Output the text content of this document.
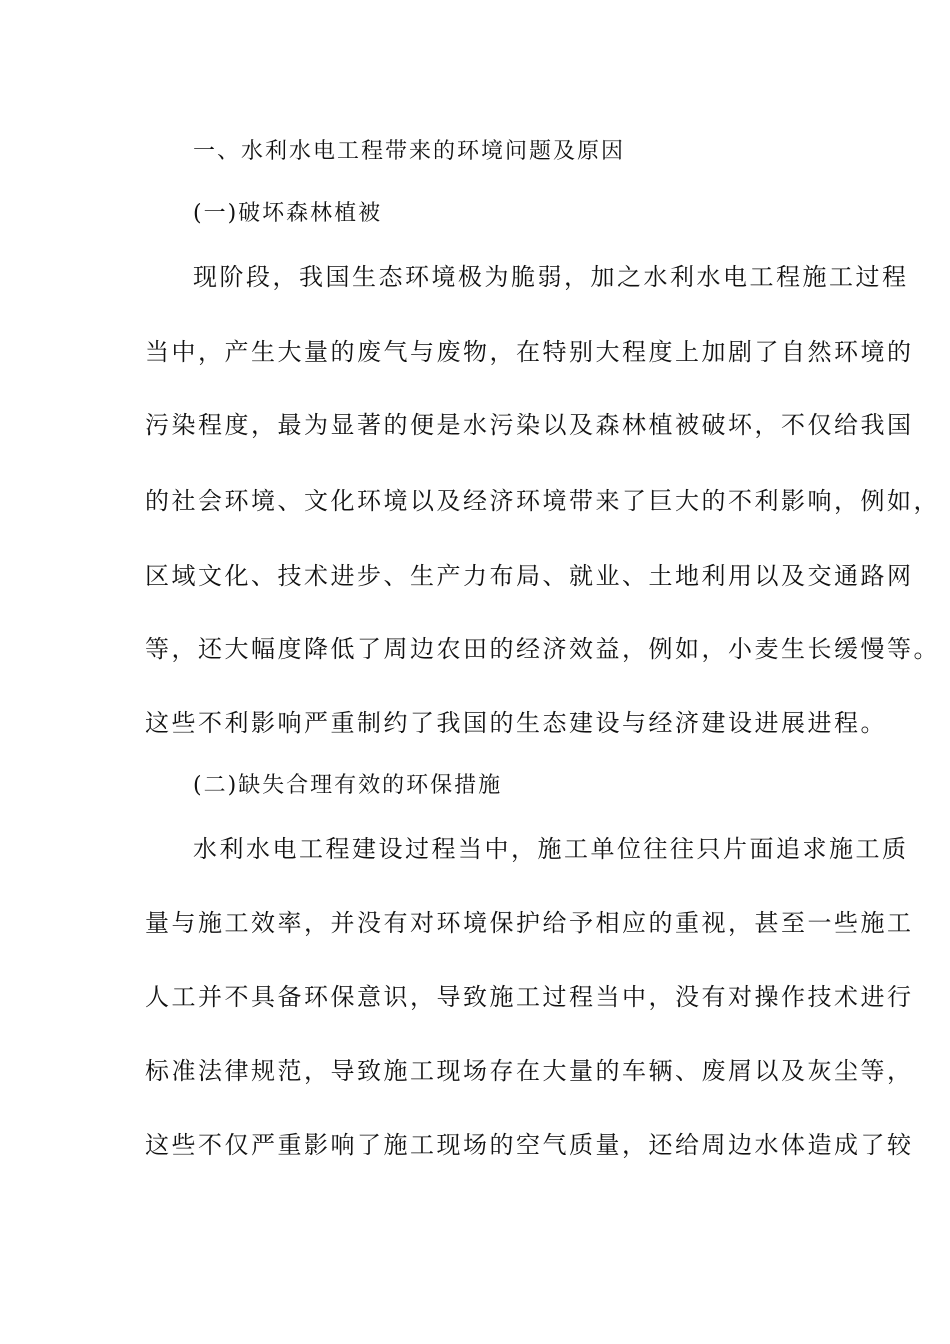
一、水利水电工程带来的环境问题及原因
(一)破坏森林植被
现阶段，我国生态环境极为脆弱，加之水利水电工程施工过程
当中，产生大量的废气与废物，在特别大程度上加剧了自然环境的
污染程度，最为显著的便是水污染以及森林植被破坏，不仅给我国
的社会环境、文化环境以及经济环境带来了巨大的不利影响，例如，
区域文化、技术进步、生产力布局、就业、土地利用以及交通路网
等，还大幅度降低了周边农田的经济效益，例如，小麦生长缓慢等。
这些不利影响严重制约了我国的生态建设与经济建设进展进程。
(二)缺失合理有效的环保措施
水利水电工程建设过程当中，施工单位往往只片面追求施工质
量与施工效率，并没有对环境保护给予相应的重视，甚至一些施工
人工并不具备环保意识，导致施工过程当中，没有对操作技术进行
标准法律规范，导致施工现场存在大量的车辆、废屑以及灰尘等，
这些不仅严重影响了施工现场的空气质量，还给周边水体造成了较
